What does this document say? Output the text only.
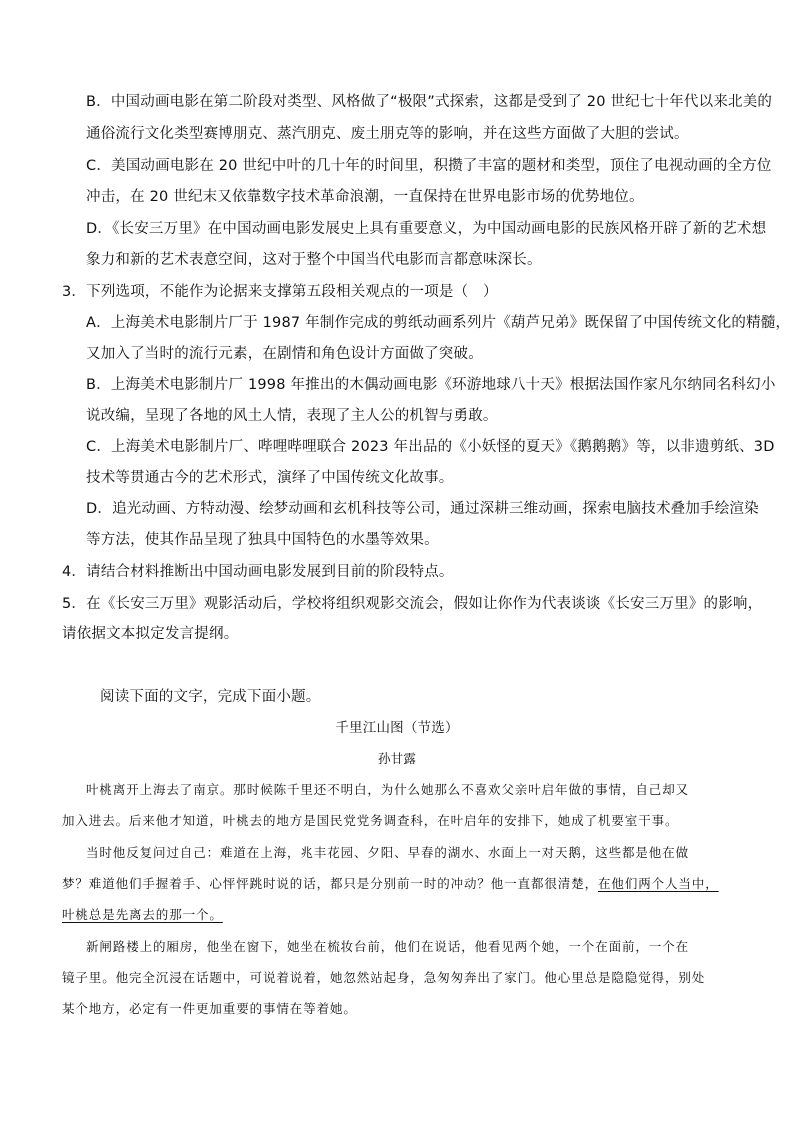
B．中国动画电影在第二阶段对类型、风格做了“极限”式探索，这都是受到了 20 世纪七十年代以来北美的
通俗流行文化类型赛博朋克、蒸汽朋克、废土朋克等的影响，并在这些方面做了大胆的尝试。
C．美国动画电影在 20 世纪中叶的几十年的时间里，积攒了丰富的题材和类型，顶住了电视动画的全方位
冲击，在 20 世纪末又依靠数字技术革命浪潮，一直保持在世界电影市场的优势地位。
D．《长安三万里》在中国动画电影发展史上具有重要意义，为中国动画电影的民族风格开辟了新的艺术想
象力和新的艺术表意空间，这对于整个中国当代电影而言都意味深长。
3．下列选项，不能作为论据来支撑第五段相关观点的一项是（　）
A．上海美术电影制片厂于 1987 年制作完成的剪纸动画系列片《葫芦兄弟》既保留了中国传统文化的精髓，
又加入了当时的流行元素，在剧情和角色设计方面做了突破。
B．上海美术电影制片厂 1998 年推出的木偶动画电影《环游地球八十天》根据法国作家凡尔纳同名科幻小
说改编，呈现了各地的风土人情，表现了主人公的机智与勇敢。
C．上海美术电影制片厂、哔哩哔哩联合 2023 年出品的《小妖怪的夏天》《鹅鹅鹅》等，以非遗剪纸、3D
技术等贯通古今的艺术形式，演绎了中国传统文化故事。
D．追光动画、方特动漫、绘梦动画和玄机科技等公司，通过深耕三维动画，探索电脑技术叠加手绘渲染
等方法，使其作品呈现了独具中国特色的水墨等效果。
4．请结合材料推断出中国动画电影发展到目前的阶段特点。
5．在《长安三万里》观影活动后，学校将组织观影交流会，假如让你作为代表谈谈《长安三万里》的影响，
请依据文本拟定发言提纲。
阅读下面的文字，完成下面小题。
千里江山图（节选）
孙甘露
叶桃离开上海去了南京。那时候陈千里还不明白，为什么她那么不喜欢父亲叶启年做的事情，自己却又
加入进去。后来他才知道，叶桃去的地方是国民党党务调查科，在叶启年的安排下，她成了机要室干事。
当时他反复问过自己：难道在上海，兆丰花园、夕阳、早春的湖水、水面上一对天鹅，这些都是他在做
梦？难道他们手握着手、心怦怦跳时说的话，都只是分别前一时的冲动？他一直都很清楚，在他们两个人当中，
叶桃总是先离去的那一个。
新闸路楼上的厢房，他坐在窗下，她坐在梳妆台前，他们在说话，他看见两个她，一个在面前，一个在
镜子里。他完全沉浸在话题中，可说着说着，她忽然站起身，急匆匆奔出了家门。他心里总是隐隐觉得，别处
某个地方，必定有一件更加重要的事情在等着她。
